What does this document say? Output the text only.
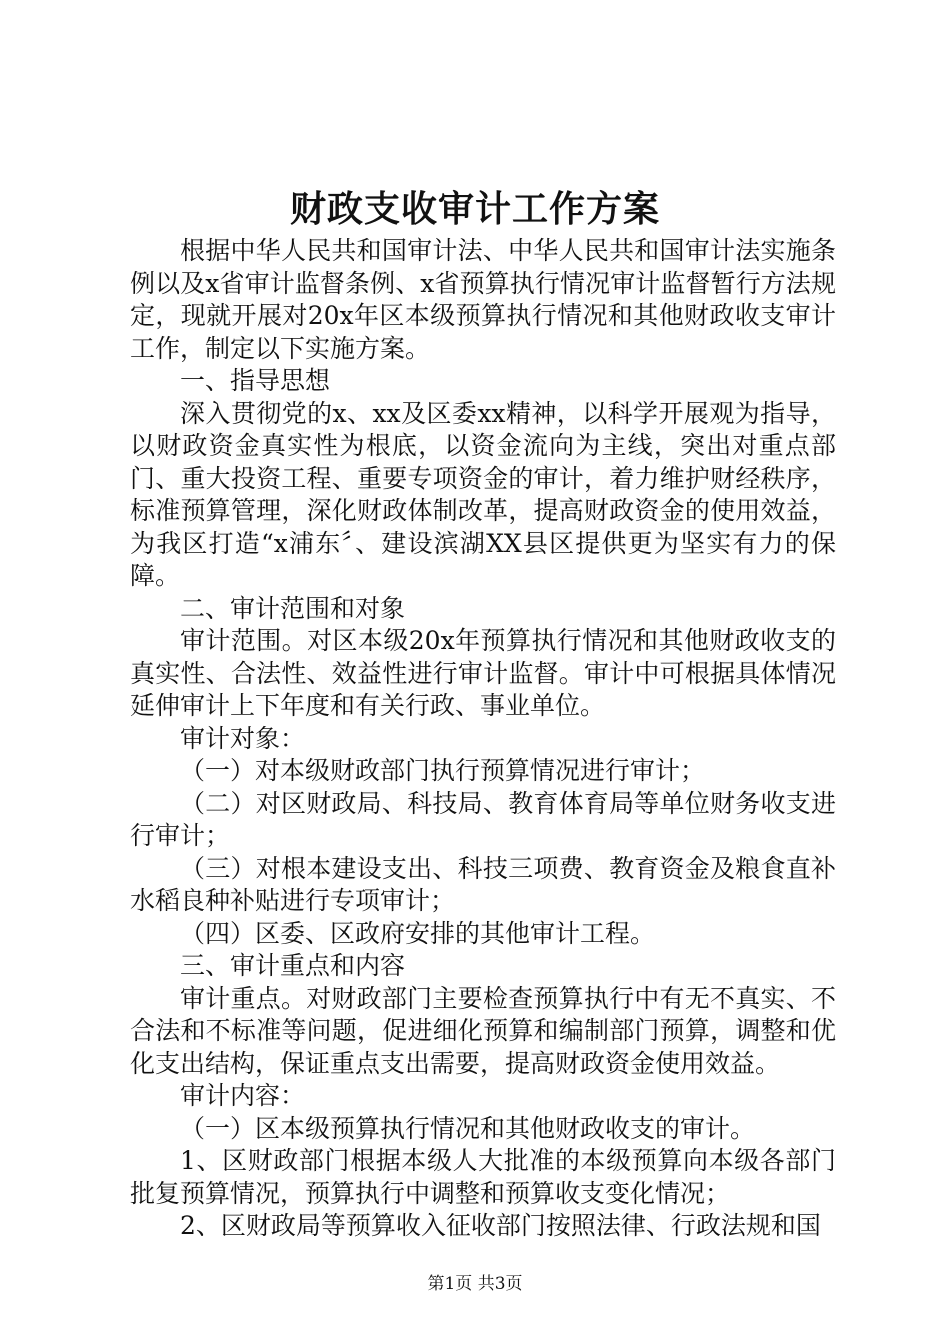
财政支收审计工作方案

根据中华人民共和国审计法、中华人民共和国审计法实施条例以及x省审计监督条例、x省预算执行情况审计监督暂行方法规定，现就开展对20x年区本级预算执行情况和其他财政收支审计工作，制定以下实施方案。

一、指导思想

深入贯彻党的x、xx及区委xx精神，以科学开展观为指导，以财政资金真实性为根底，以资金流向为主线，突出对重点部门、重大投资工程、重要专项资金的审计，着力维护财经秩序，标准预算管理，深化财政体制改革，提高财政资金的使用效益，为我区打造“x浦东〞、建设滨湖XX县区提供更为坚实有力的保障。

二、审计范围和对象

审计范围。对区本级20x年预算执行情况和其他财政收支的真实性、合法性、效益性进行审计监督。审计中可根据具体情况延伸审计上下年度和有关行政、事业单位。

审计对象：

（一）对本级财政部门执行预算情况进行审计；

（二）对区财政局、科技局、教育体育局等单位财务收支进行审计；

（三）对根本建设支出、科技三项费、教育资金及粮食直补水稻良种补贴进行专项审计；

（四）区委、区政府安排的其他审计工程。

三、审计重点和内容

审计重点。对财政部门主要检查预算执行中有无不真实、不合法和不标准等问题，促进细化预算和编制部门预算，调整和优化支出结构，保证重点支出需要，提高财政资金使用效益。

审计内容：

（一）区本级预算执行情况和其他财政收支的审计。

1、区财政部门根据本级人大批准的本级预算向本级各部门批复预算情况，预算执行中调整和预算收支变化情况；

2、区财政局等预算收入征收部门按照法律、行政法规和国

第1页 共3页
